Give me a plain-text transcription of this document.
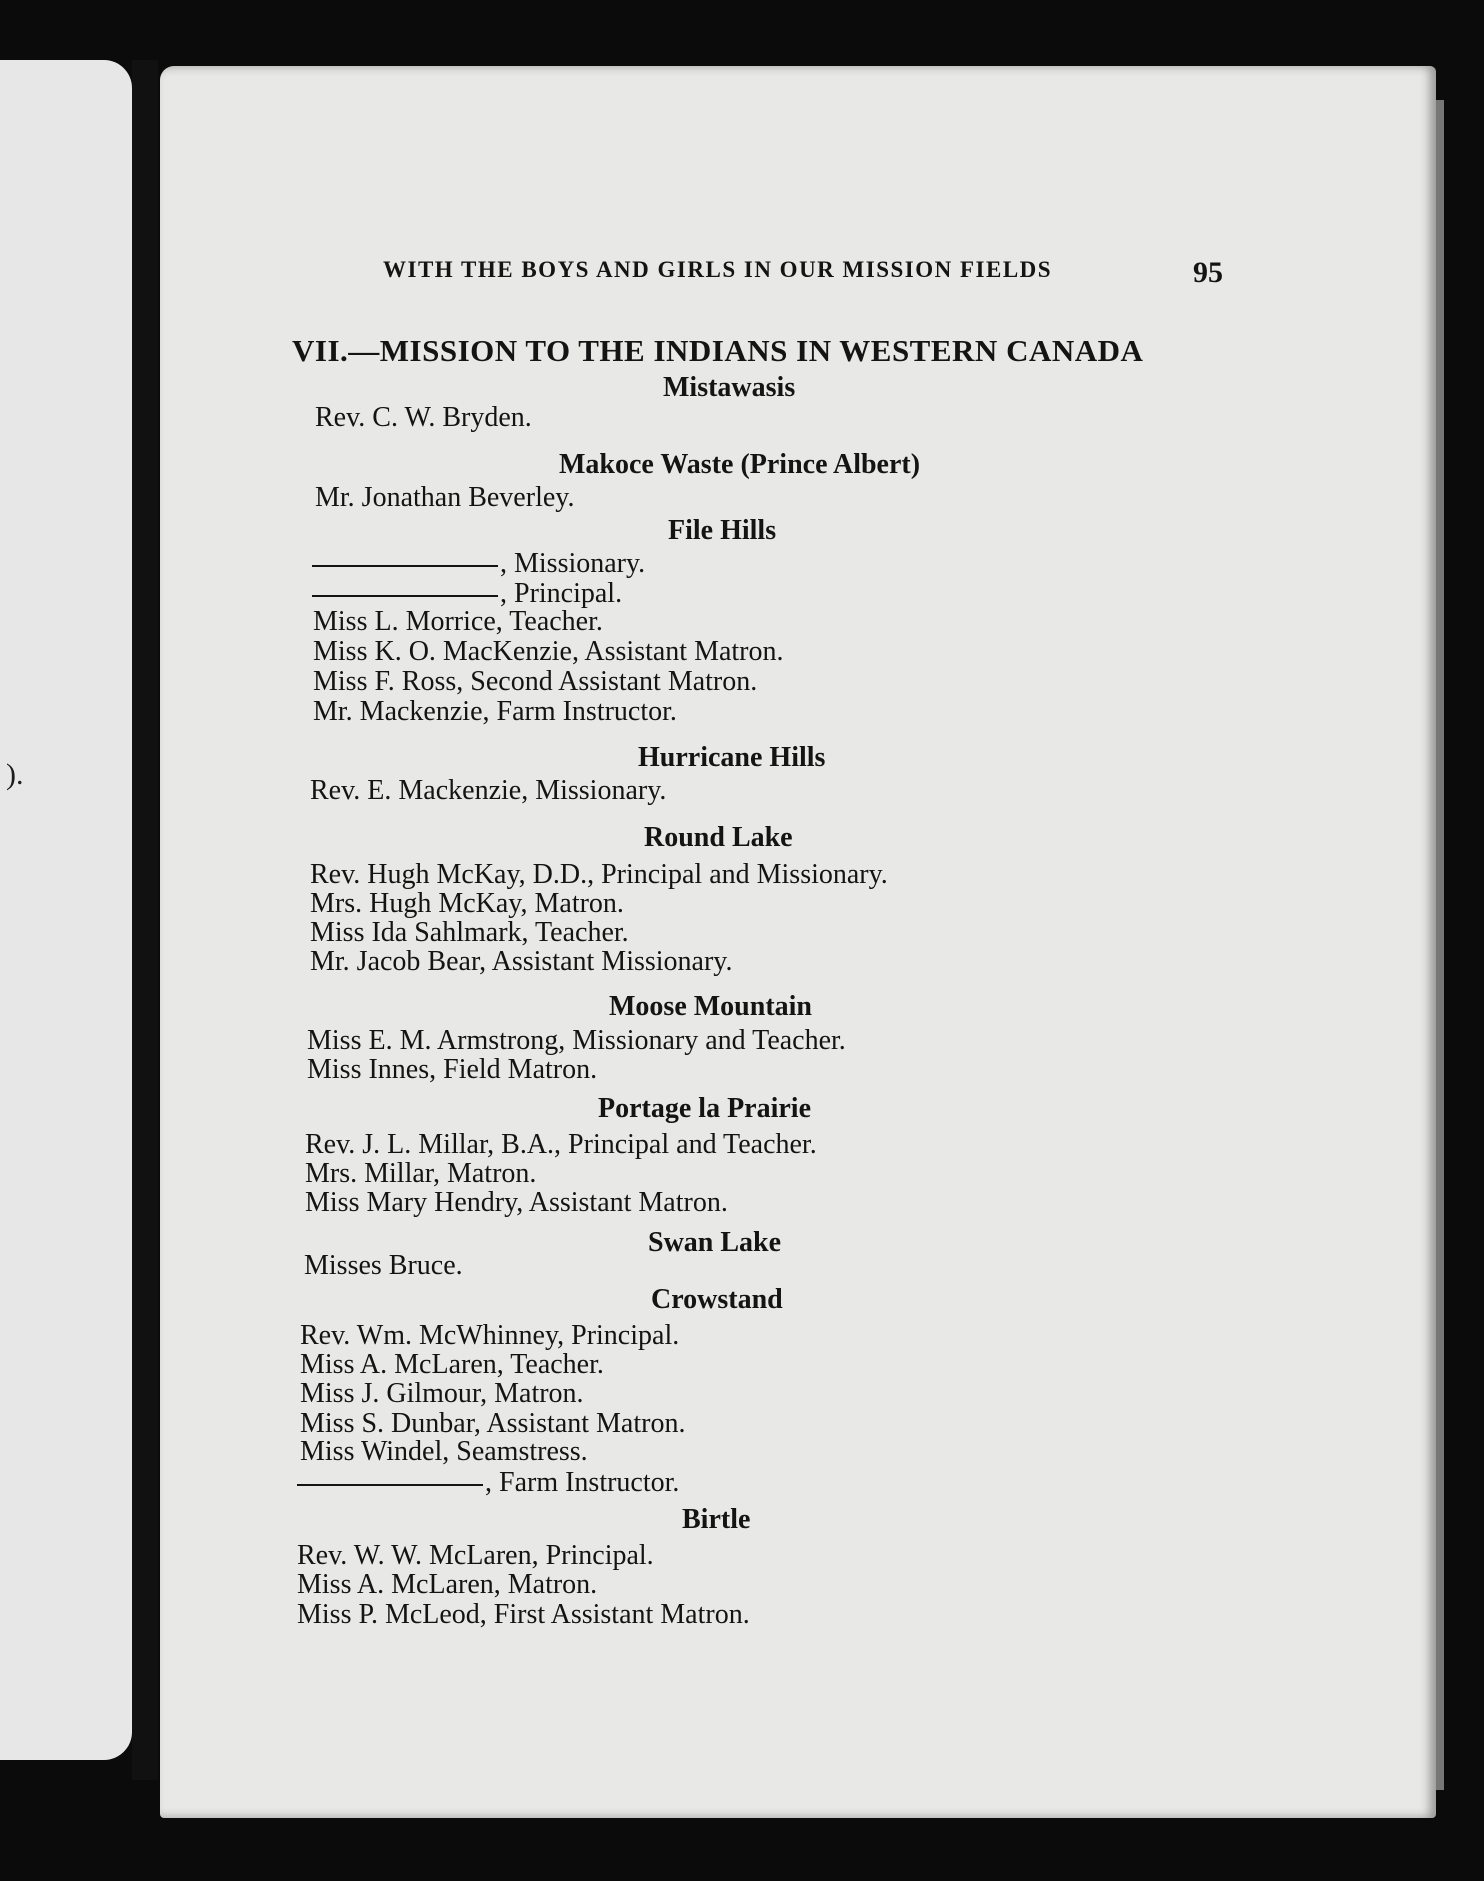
).
WITH THE BOYS AND GIRLS IN OUR MISSION FIELDS	95
VII.—MISSION TO THE INDIANS IN WESTERN CANADA
Mistawasis
Rev. C. W. Bryden.
Makoce Waste (Prince Albert)
Mr. Jonathan Beverley.
File Hills
, Missionary.
, Principal.
Miss L. Morrice, Teacher.
Miss K. O. MacKenzie, Assistant Matron.
Miss F. Ross, Second Assistant Matron.
Mr. Mackenzie, Farm Instructor.
Hurricane Hills
Rev. E. Mackenzie, Missionary.
Round Lake
Rev. Hugh McKay, D.D., Principal and Missionary.
Mrs. Hugh McKay, Matron.
Miss Ida Sahlmark, Teacher.
Mr. Jacob Bear, Assistant Missionary.
Moose Mountain
Miss E. M. Armstrong, Missionary and Teacher.
Miss Innes, Field Matron.
Portage la Prairie
Rev. J. L. Millar, B.A., Principal and Teacher.
Mrs. Millar, Matron.
Miss Mary Hendry, Assistant Matron.
Swan Lake
Misses Bruce.
Crowstand
Rev. Wm. McWhinney, Principal.
Miss A. McLaren, Teacher.
Miss J. Gilmour, Matron.
Miss S. Dunbar, Assistant Matron.
Miss Windel, Seamstress.
, Farm Instructor.
Birtle
Rev. W. W. McLaren, Principal.
Miss A. McLaren, Matron.
Miss P. McLeod, First Assistant Matron.
